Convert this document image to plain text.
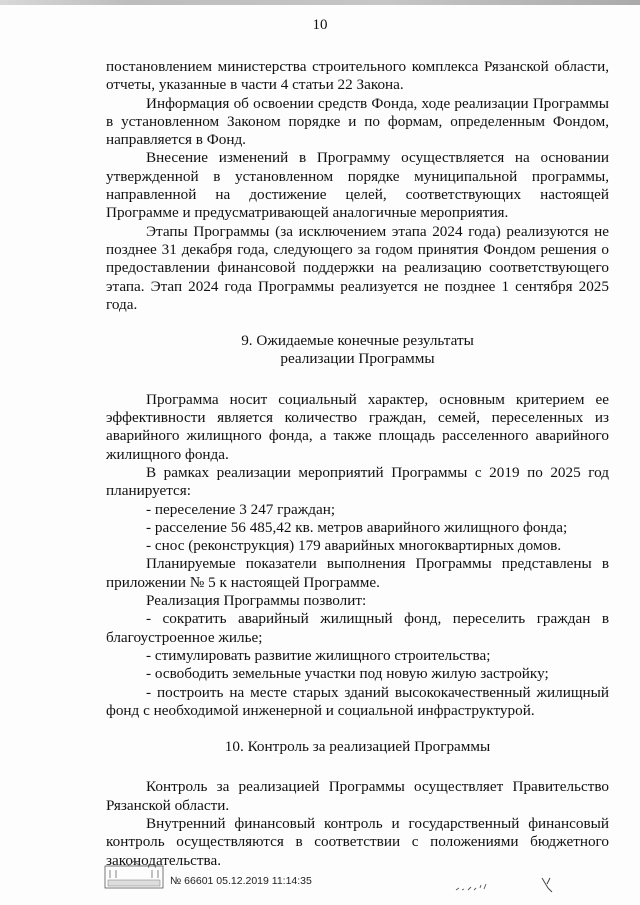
10

постановлением министерства строительного комплекса Рязанской области, отчеты, указанные в части 4 статьи 22 Закона.

Информация об освоении средств Фонда, ходе реализации Программы в установленном Законом порядке и по формам, определенным Фондом, направляется в Фонд.

Внесение изменений в Программу осуществляется на основании утвержденной в установленном порядке муниципальной программы, направленной на достижение целей, соответствующих настоящей Программе и предусматривающей аналогичные мероприятия.

Этапы Программы (за исключением этапа 2024 года) реализуются не позднее 31 декабря года, следующего за годом принятия Фондом решения о предоставлении финансовой поддержки на реализацию соответствующего этапа. Этап 2024 года Программы реализуется не позднее 1 сентября 2025 года.

9. Ожидаемые конечные результаты

реализации Программы

Программа носит социальный характер, основным критерием ее эффективности является количество граждан, семей, переселенных из аварийного жилищного фонда, а также площадь расселенного аварийного жилищного фонда.

В рамках реализации мероприятий Программы с 2019 по 2025 год планируется:

- переселение 3 247 граждан;

- расселение 56 485,42 кв. метров аварийного жилищного фонда;

- снос (реконструкция) 179 аварийных многоквартирных домов.

Планируемые показатели выполнения Программы представлены в приложении № 5 к настоящей Программе.

Реализация Программы позволит:

- сократить аварийный жилищный фонд, переселить граждан в благоустроенное жилье;

- стимулировать развитие жилищного строительства;

- освободить земельные участки под новую жилую застройку;

- построить на месте старых зданий высококачественный жилищный фонд с необходимой инженерной и социальной инфраструктурой.

10. Контроль за реализацией Программы

Контроль за реализацией Программы осуществляет Правительство Рязанской области.

Внутренний финансовый контроль и государственный финансовый контроль осуществляются в соответствии с положениями бюджетного законодательства.

№ 66601 05.12.2019 11:14:35
